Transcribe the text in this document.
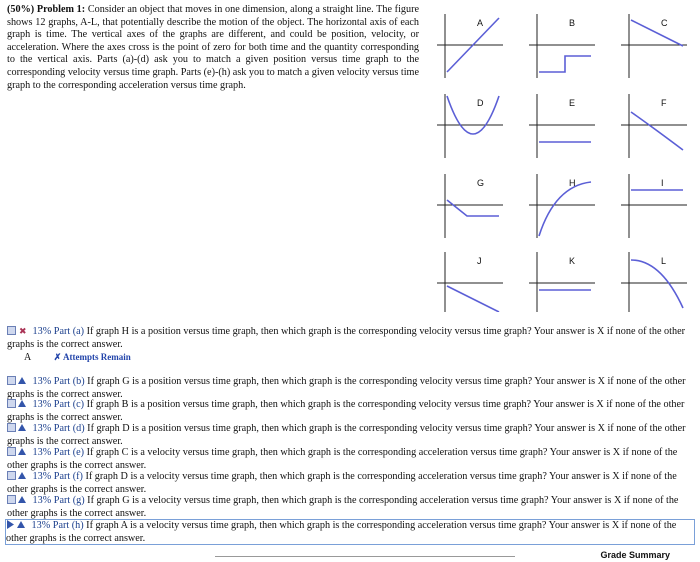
(50%) Problem 1: Consider an object that moves in one dimension, along a straight line. The figure shows 12 graphs, A-L, that potentially describe the motion of the object. The horizontal axis of each graph is time. The vertical axes of the graphs are different, and could be position, velocity, or acceleration. Where the axes cross is the point of zero for both time and the quantity corresponding to the vertical axis. Parts (a)-(d) ask you to match a given position versus time graph to the corresponding velocity versus time graph. Parts (e)-(h) ask you to match a given velocity versus time graph to the corresponding acceleration versus time graph.
A	B	C
D	E	F
G	H	I
J	K	L
✖ 13% Part (a) If graph H is a position versus time graph, then which graph is the corresponding velocity versus time graph? Your answer is X if none of the other graphs is the correct answer.
A	✗ Attempts Remain
13% Part (b) If graph G is a position versus time graph, then which graph is the corresponding velocity versus time graph? Your answer is X if none of the other graphs is the correct answer.
13% Part (c) If graph B is a position versus time graph, then which graph is the corresponding velocity versus time graph? Your answer is X if none of the other graphs is the correct answer.
13% Part (d) If graph D is a position versus time graph, then which graph is the corresponding velocity versus time graph? Your answer is X if none of the other graphs is the correct answer.
13% Part (e) If graph C is a velocity versus time graph, then which graph is the corresponding acceleration versus time graph? Your answer is X if none of the other graphs is the correct answer.
13% Part (f) If graph D is a velocity versus time graph, then which graph is the corresponding acceleration versus time graph? Your answer is X if none of the other graphs is the correct answer.
13% Part (g) If graph G is a velocity versus time graph, then which graph is the corresponding acceleration versus time graph? Your answer is X if none of the other graphs is the correct answer.
13% Part (h) If graph A is a velocity versus time graph, then which graph is the corresponding acceleration versus time graph? Your answer is X if none of the other graphs is the correct answer.
Grade Summary
